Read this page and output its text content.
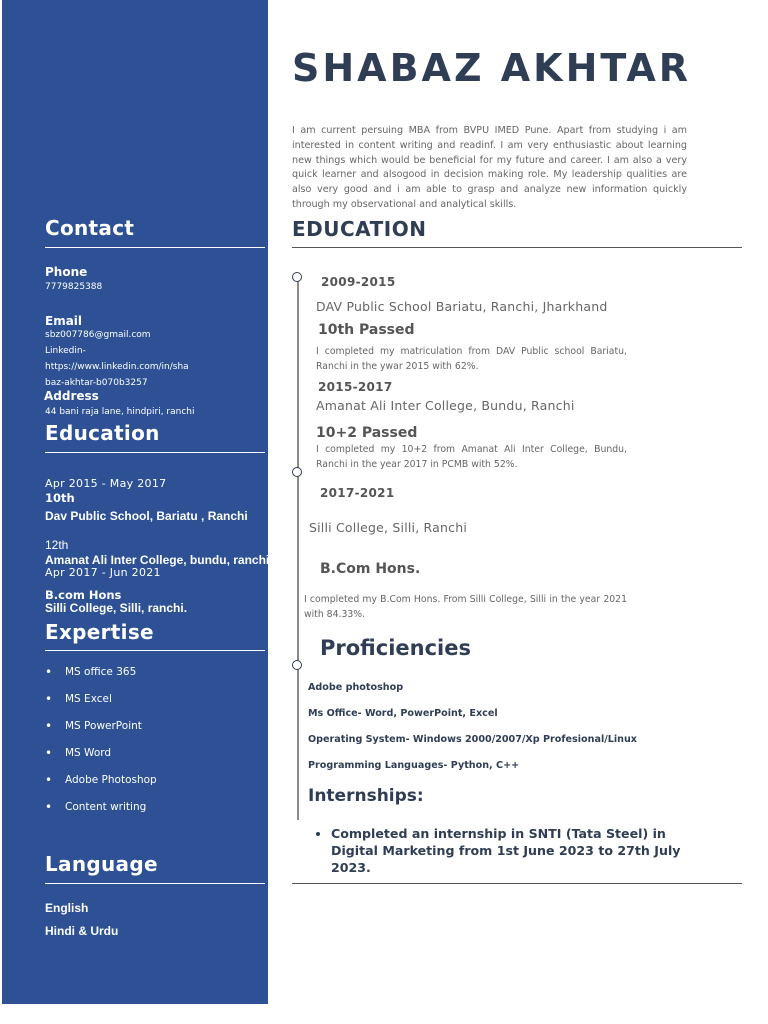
Contact
Phone
7779825388
Email
sbz007786@gmail.com
Linkedin-
https://www.linkedin.com/in/sha
baz-akhtar-b070b3257
Address
44 bani raja lane, hindpiri, ranchi
Education
Apr 2015 - May 2017
10th
Dav Public School, Bariatu , Ranchi
12th
Amanat Ali Inter College, bundu, ranchi
Apr 2017 - Jun 2021
B.com Hons
Silli College, Silli, ranchi.
Expertise
• MS office 365
• MS Excel
• MS PowerPoint
• MS Word
• Adobe Photoshop
• Content writing
Language
English
Hindi & Urdu
SHABAZ AKHTAR
I am current persuing MBA from BVPU IMED Pune. Apart from studying i am interested in content writing and readinf. I am very enthusiastic about learning new things which would be beneficial for my future and career. I am also a very quick learner and alsogood in decision making role. My leadership qualities are also very good and i am able to grasp and analyze new information quickly through my observational and analytical skills.
EDUCATION
2009-2015
DAV Public School Bariatu, Ranchi, Jharkhand
10th Passed
I completed my matriculation from DAV Public school Bariatu, Ranchi in the ywar 2015 with 62%.
2015-2017
Amanat Ali Inter College, Bundu, Ranchi
10+2 Passed
I completed my 10+2 from Amanat Ali Inter College, Bundu, Ranchi in the year 2017 in PCMB with 52%.
2017-2021
Silli College, Silli, Ranchi
B.Com Hons.
I completed my B.Com Hons. From Silli College, Silli in the year 2021 with 84.33%.
Proficiencies
Adobe photoshop
Ms Office- Word, PowerPoint, Excel
Operating System- Windows 2000/2007/Xp Profesional/Linux
Programming Languages- Python, C++
Internships:
• Completed an internship in SNTI (Tata Steel) in Digital Marketing from 1st June 2023 to 27th July 2023.
